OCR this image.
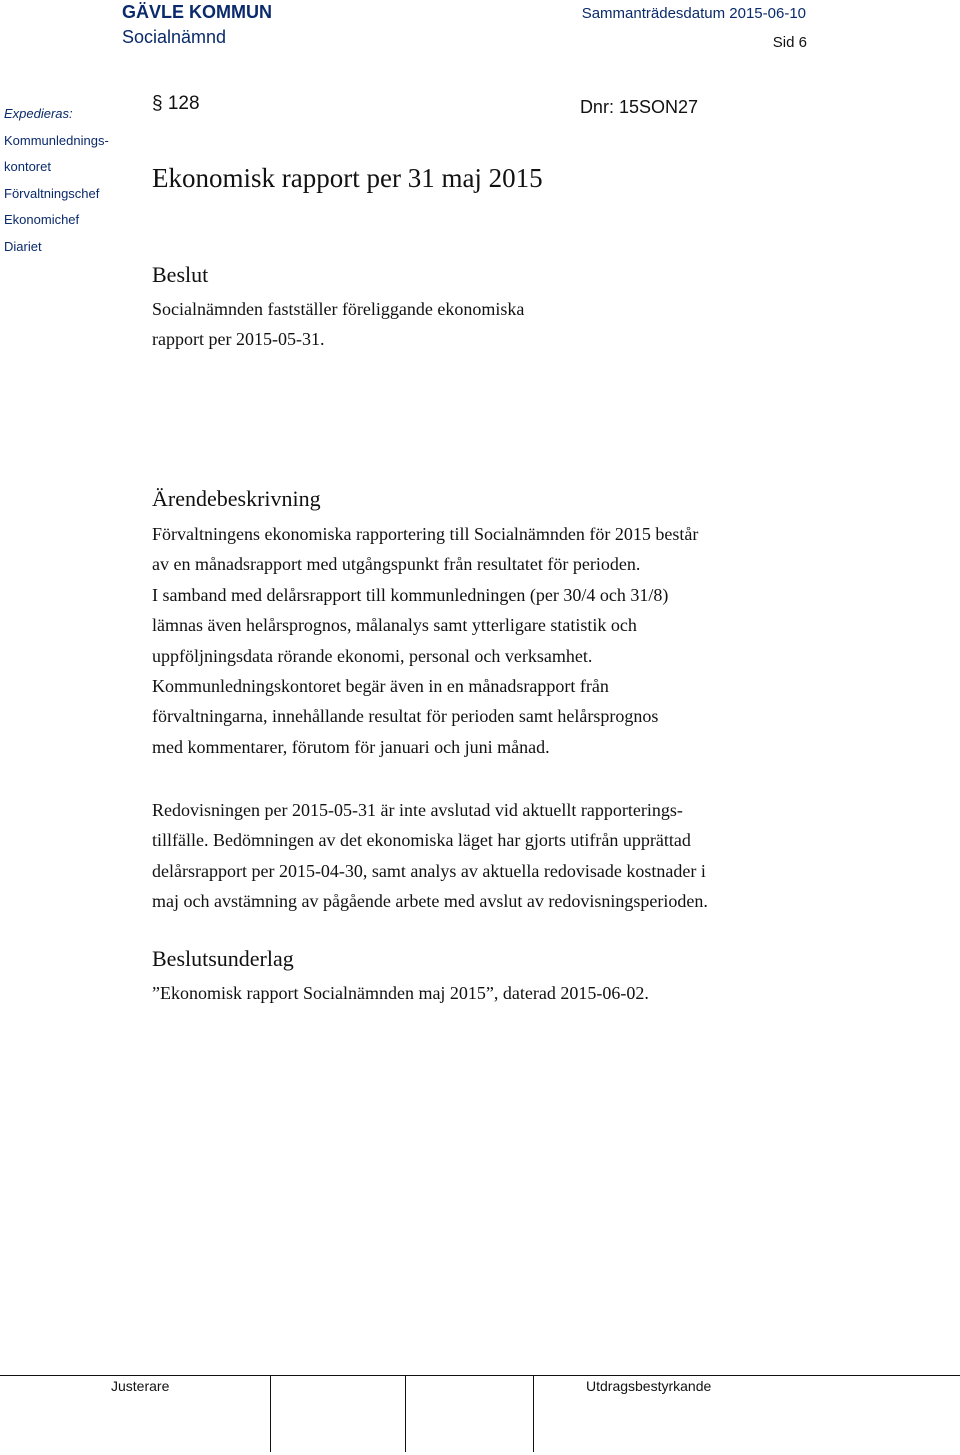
GÄVLE KOMMUN
Socialnämnd
Sammanträdesdatum 2015-06-10
Sid 6
Expedieras:
Kommunlednings-
kontoret
Förvaltningschef
Ekonomichef
Diariet
§ 128	Dnr: 15SON27
Ekonomisk rapport per 31 maj 2015
Beslut
Socialnämnden fastställer föreliggande ekonomiska
rapport per 2015-05-31.
Ärendebeskrivning
Förvaltningens ekonomiska rapportering till Socialnämnden för 2015 består
av en månadsrapport med utgångspunkt från resultatet för perioden.
I samband med delårsrapport till kommunledningen (per 30/4 och 31/8)
lämnas även helårsprognos, målanalys samt ytterligare statistik och
uppföljningsdata rörande ekonomi, personal och verksamhet.
Kommunledningskontoret begär även in en månadsrapport från
förvaltningarna, innehållande resultat för perioden samt helårsprognos
med kommentarer, förutom för januari och juni månad.
Redovisningen per 2015-05-31 är inte avslutad vid aktuellt rapporterings-
tillfälle. Bedömningen av det ekonomiska läget har gjorts utifrån upprättad
delårsrapport per 2015-04-30, samt analys av aktuella redovisade kostnader i
maj och avstämning av pågående arbete med avslut av redovisningsperioden.
Beslutsunderlag
”Ekonomisk rapport Socialnämnden maj 2015”, daterad 2015-06-02.
Justerare	Utdragsbestyrkande
